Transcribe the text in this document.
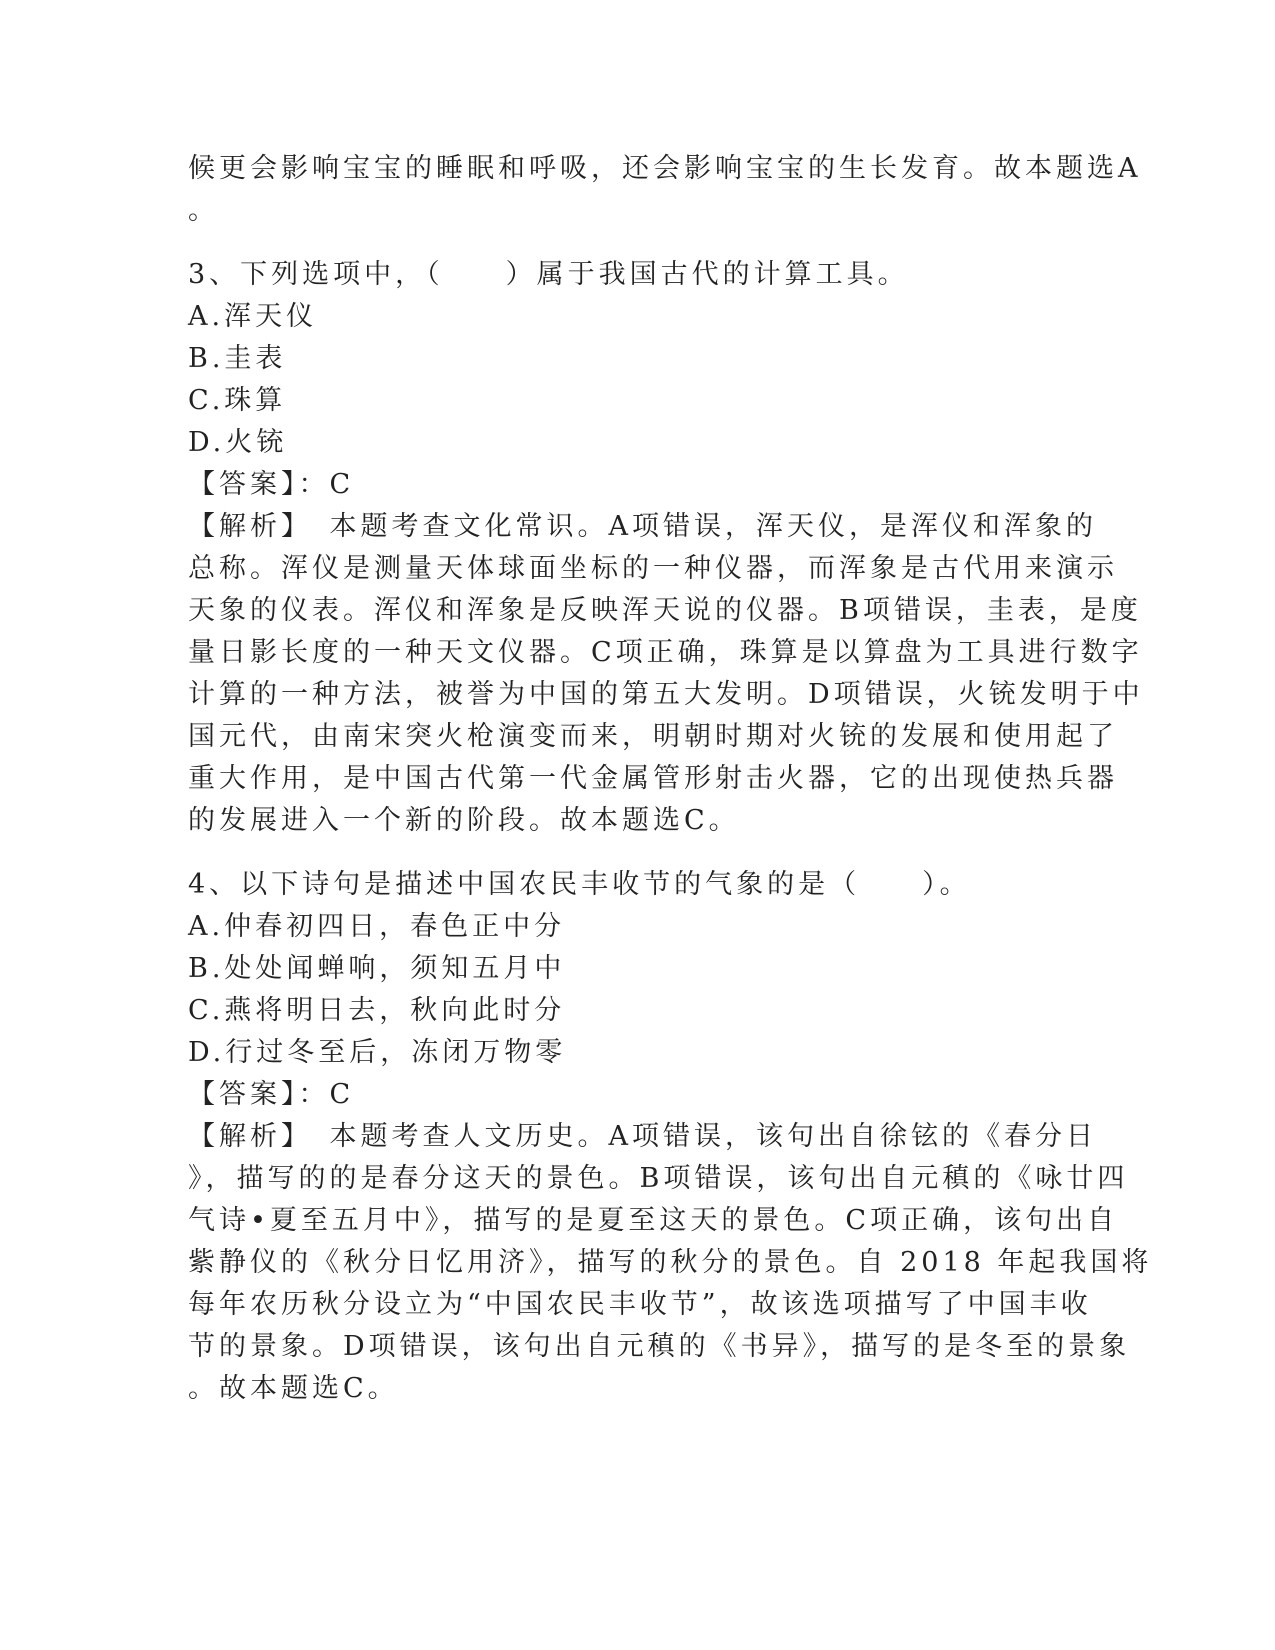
候更会影响宝宝的睡眠和呼吸，还会影响宝宝的生长发育。故本题选A
。
3、下列选项中，（　　）属于我国古代的计算工具。
A.浑天仪
B.圭表
C.珠算
D.火铳
【答案】：C
【解析】　本题考查文化常识。A项错误，浑天仪，是浑仪和浑象的
总称。浑仪是测量天体球面坐标的一种仪器，而浑象是古代用来演示
天象的仪表。浑仪和浑象是反映浑天说的仪器。B项错误，圭表，是度
量日影长度的一种天文仪器。C项正确，珠算是以算盘为工具进行数字
计算的一种方法，被誉为中国的第五大发明。D项错误，火铳发明于中
国元代，由南宋突火枪演变而来，明朝时期对火铳的发展和使用起了
重大作用，是中国古代第一代金属管形射击火器，它的出现使热兵器
的发展进入一个新的阶段。故本题选C。
4、以下诗句是描述中国农民丰收节的气象的是（　　）。
A.仲春初四日，春色正中分
B.处处闻蝉响，须知五月中
C.燕将明日去，秋向此时分
D.行过冬至后，冻闭万物零
【答案】：C
【解析】　本题考查人文历史。A项错误，该句出自徐铉的《春分日
》，描写的的是春分这天的景色。B项错误，该句出自元稹的《咏廿四
气诗•夏至五月中》，描写的是夏至这天的景色。C项正确，该句出自
紫静仪的《秋分日忆用济》，描写的秋分的景色。自 2018 年起我国将
每年农历秋分设立为“中国农民丰收节”，故该选项描写了中国丰收
节的景象。D项错误，该句出自元稹的《书异》，描写的是冬至的景象
。故本题选C。
